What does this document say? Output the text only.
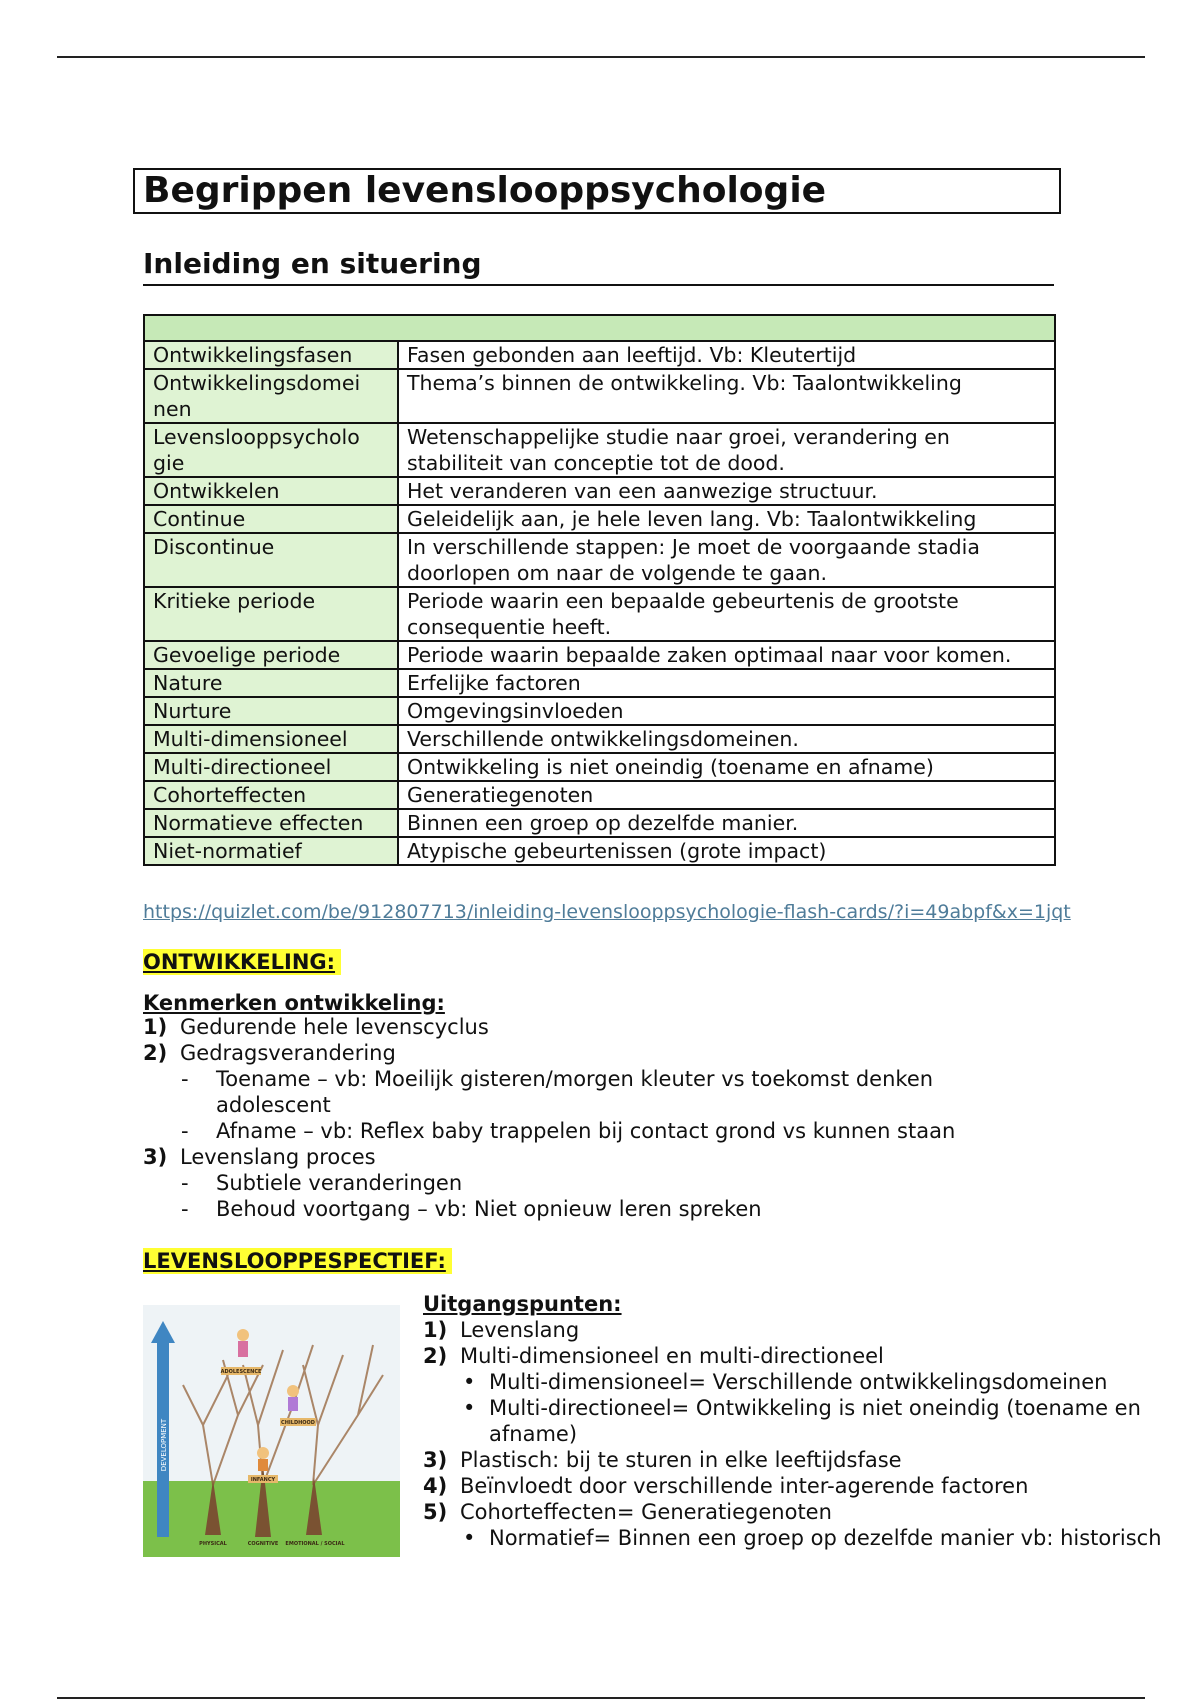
Begrippen levenslooppsychologie
Inleiding en situering

Ontwikkelingsfasen	Fasen gebonden aan leeftijd. Vb: Kleutertijd
Ontwikkelingsdomei nen	Thema’s binnen de ontwikkeling. Vb: Taalontwikkeling
Levenslooppsycholo gie	Wetenschappelijke studie naar groei, verandering en stabiliteit van conceptie tot de dood.
Ontwikkelen	Het veranderen van een aanwezige structuur.
Continue	Geleidelijk aan, je hele leven lang. Vb: Taalontwikkeling
Discontinue	In verschillende stappen: Je moet de voorgaande stadia doorlopen om naar de volgende te gaan.
Kritieke periode	Periode waarin een bepaalde gebeurtenis de grootste consequentie heeft.
Gevoelige periode	Periode waarin bepaalde zaken optimaal naar voor komen.
Nature	Erfelijke factoren
Nurture	Omgevingsinvloeden
Multi-dimensioneel	Verschillende ontwikkelingsdomeinen.
Multi-directioneel	Ontwikkeling is niet oneindig (toename en afname)
Cohorteffecten	Generatiegenoten
Normatieve effecten	Binnen een groep op dezelfde manier.
Niet-normatief	Atypische gebeurtenissen (grote impact)
https://quizlet.com/be/912807713/inleiding-levenslooppsychologie-flash-cards/?i=49abpf&x=1jqt
ONTWIKKELING:
Kenmerken ontwikkeling:
1) Gedurende hele levenscyclus
2) Gedragsverandering
- Toename – vb: Moeilijk gisteren/morgen kleuter vs toekomst denken adolescent
- Afname – vb: Reflex baby trappelen bij contact grond vs kunnen staan
3) Levenslang proces
- Subtiele veranderingen
- Behoud voortgang – vb: Niet opnieuw leren spreken
LEVENSLOOPPESPECTIEF:
DEVELOPMENT
ADOLESCENCE
CHILDHOOD
INFANCY
PHYSICAL	COGNITIVE EMOTIONAL / SOCIAL
Uitgangspunten:
1) Levenslang
2) Multi-dimensioneel en multi-directioneel
• Multi-dimensioneel= Verschillende ontwikkelingsdomeinen
• Multi-directioneel= Ontwikkeling is niet oneindig (toename en afname)
3) Plastisch: bij te sturen in elke leeftijdsfase
4) Beïnvloedt door verschillende inter-agerende factoren
5) Cohorteffecten= Generatiegenoten
• Normatief= Binnen een groep op dezelfde manier vb: historisch
